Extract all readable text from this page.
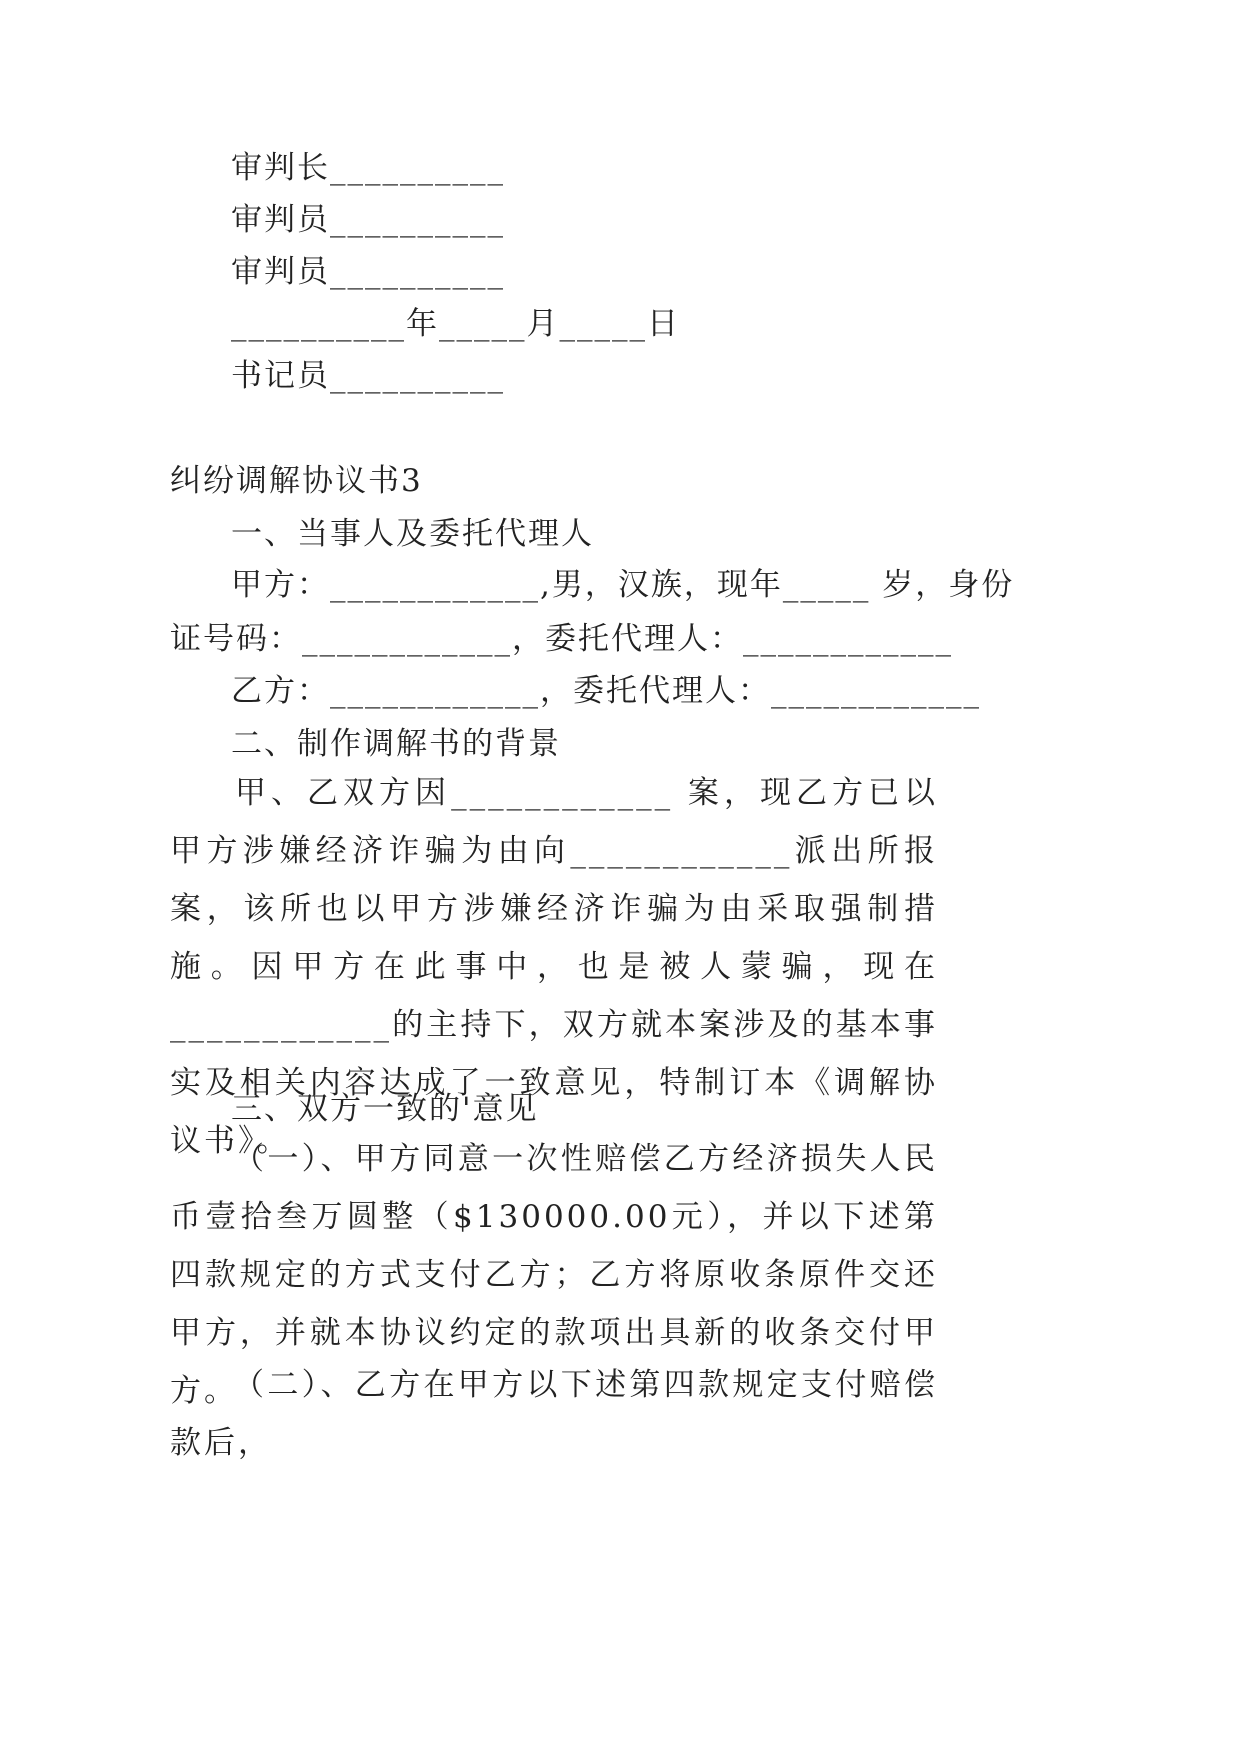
审判长__________
审判员__________
审判员__________
__________年_____月_____日
书记员__________
纠纷调解协议书3
一、当事人及委托代理人
甲方：____________,男，汉族，现年_____ 岁，身份
证号码：____________，委托代理人：____________
乙方：____________，委托代理人：____________
二、制作调解书的背景

甲、乙双方因____________ 案，现乙方已以甲方涉嫌经济诈骗为由向____________派出所报案，该所也以甲方涉嫌经济诈骗为由采取强制措施。因甲方在此事中，也是被人蒙骗，现在 ____________的主持下，双方就本案涉及的基本事实及相关内容达成了一致意见，特制订本《调解协议书》。

三、双方一致的'意见

（一）、甲方同意一次性赔偿乙方经济损失人民币壹拾叁万圆整（$130000.00元），并以下述第四款规定的方式支付乙方；乙方将原收条原件交还甲方，并就本协议约定的款项出具新的收条交付甲方。

（二）、乙方在甲方以下述第四款规定支付赔偿款后，
